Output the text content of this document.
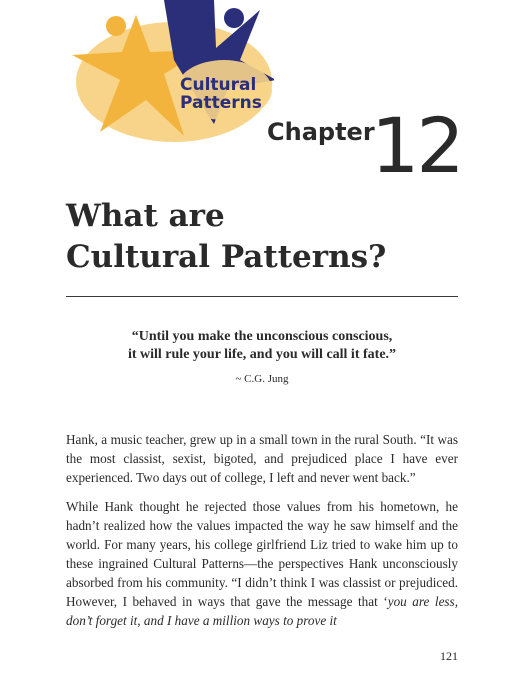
Cultural
Patterns
Chapter
12
What are
Cultural Patterns?
“Until you make the unconscious conscious,
it will rule your life, and you will call it fate.”
~ C.G. Jung

Hank, a music teacher, grew up in a small town in the rural South. “It was the most classist, sexist, bigoted, and prejudiced place I have ever experienced. Two days out of college, I left and never went back.”

While Hank thought he rejected those values from his hometown, he hadn’t realized how the values impacted the way he saw himself and the world. For many years, his college girlfriend Liz tried to wake him up to these ingrained Cultural Patterns—the perspectives Hank unconsciously absorbed from his community. “I didn’t think I was classist or prejudiced. However, I behaved in ways that gave the message that ‘you are less, don’t forget it, and I have a million ways to prove it

121
